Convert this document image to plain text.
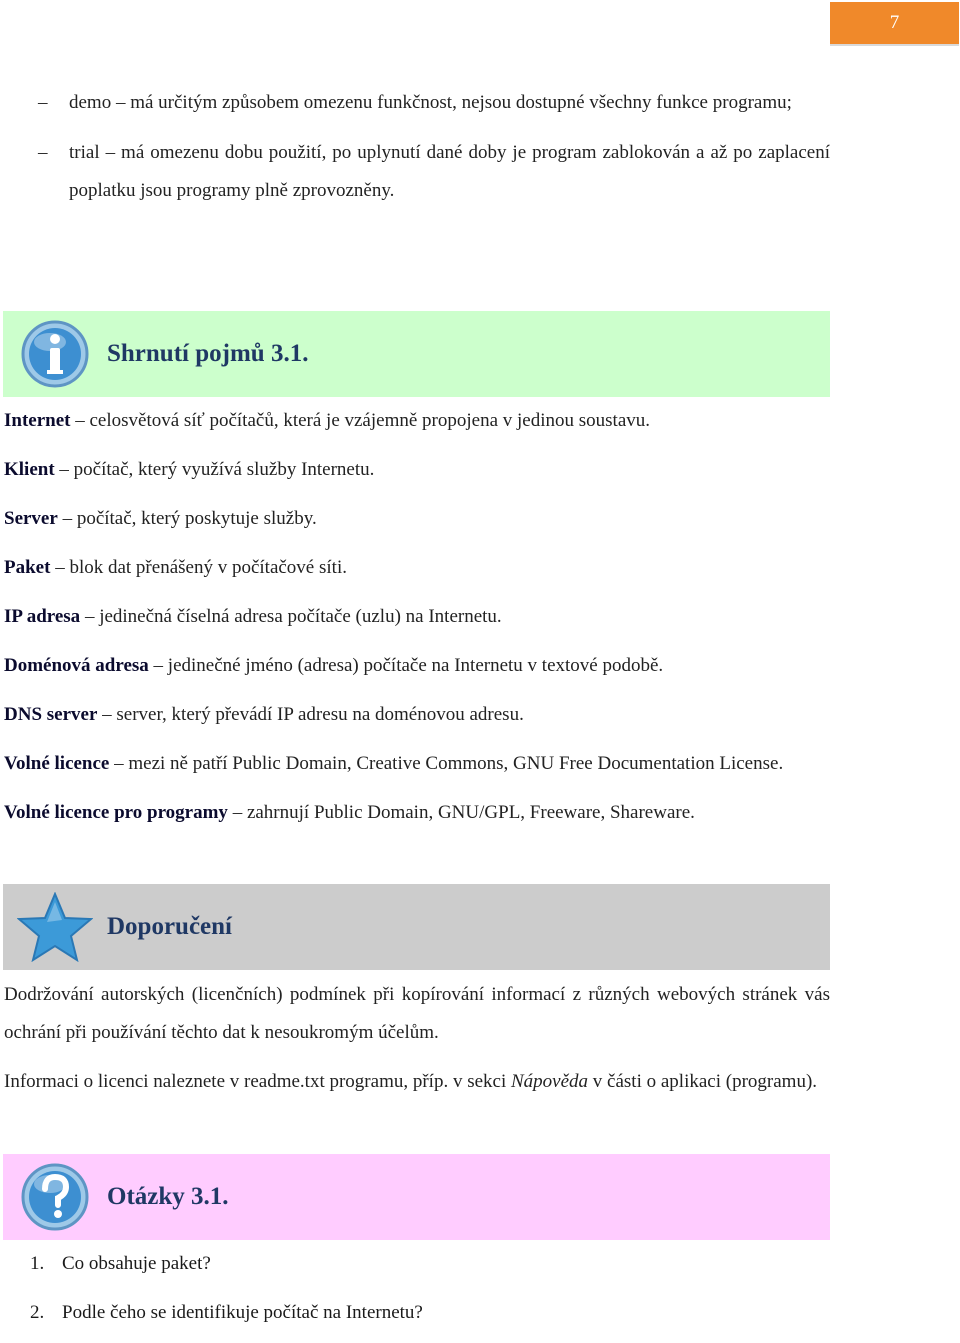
7
–	demo – má určitým způsobem omezenu funkčnost, nejsou dostupné všechny funkce programu;
–	trial – má omezenu dobu použití, po uplynutí dané doby je program zablokován a až po zaplacení poplatku jsou programy plně zprovozněny.
Shrnutí pojmů 3.1.
Internet – celosvětová síť počítačů, která je vzájemně propojena v jedinou soustavu.
Klient – počítač, který využívá služby Internetu.
Server – počítač, který poskytuje služby.
Paket – blok dat přenášený v počítačové síti.
IP adresa – jedinečná číselná adresa počítače (uzlu) na Internetu.
Doménová adresa – jedinečné jméno (adresa) počítače na Internetu v textové podobě.
DNS server – server, který převádí IP adresu na doménovou adresu.
Volné licence – mezi ně patří Public Domain, Creative Commons, GNU Free Documentation License.
Volné licence pro programy – zahrnují Public Domain, GNU/GPL, Freeware, Shareware.
Doporučení
Dodržování autorských (licenčních) podmínek při kopírování informací z různých webových stránek vás ochrání při používání těchto dat k nesoukromým účelům.
Informaci o licenci naleznete v readme.txt programu, příp. v sekci Nápověda v části o aplikaci (programu).
Otázky 3.1.
1. Co obsahuje paket?
2. Podle čeho se identifikuje počítač na Internetu?
